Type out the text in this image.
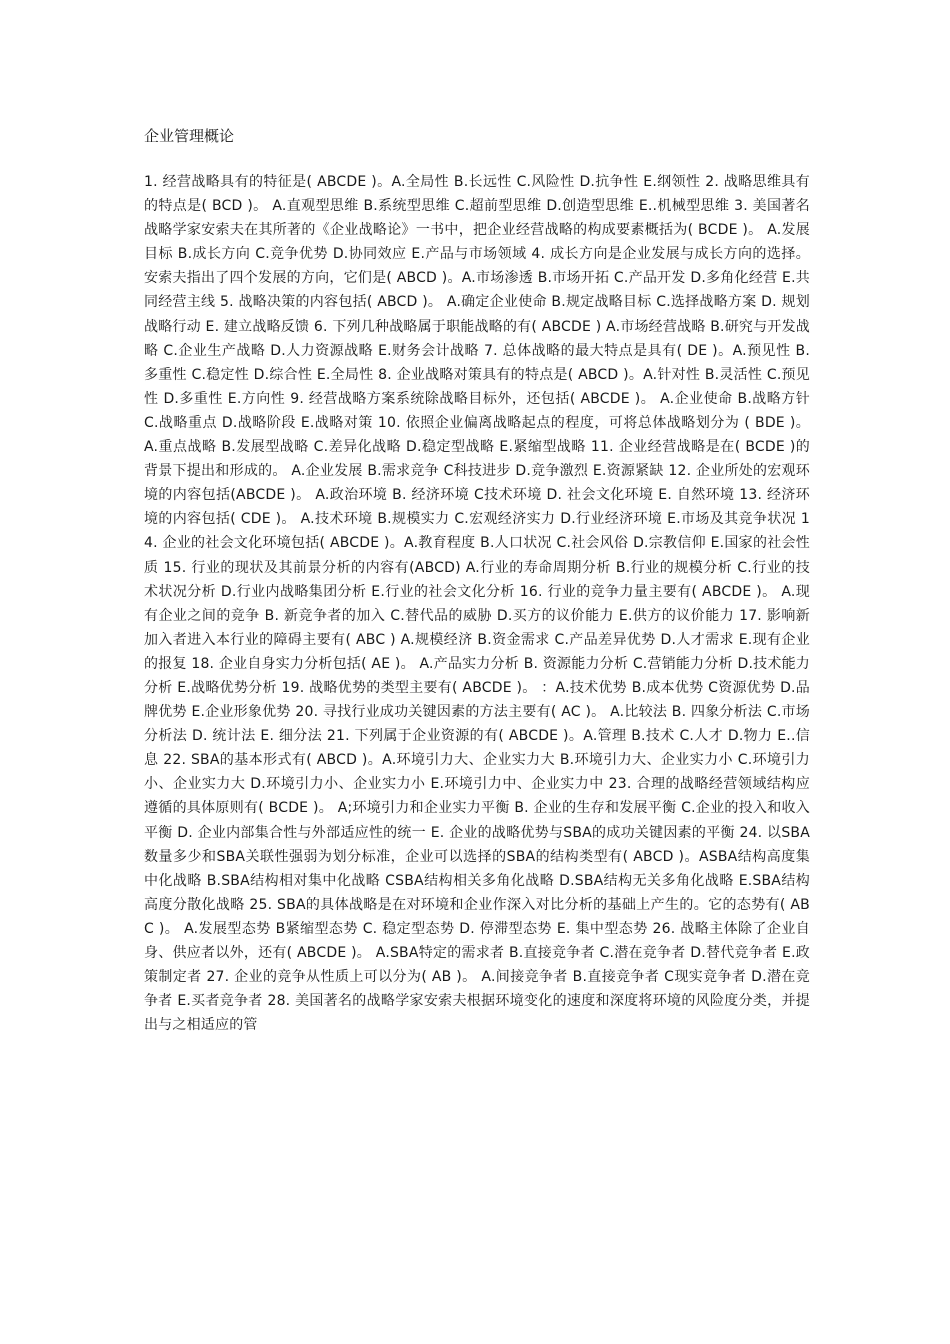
企业管理概论
1. 经营战略具有的特征是( ABCDE )。A.全局性 B.长远性 C.风险性 D.抗争性 E.纲领性 2. 战略思维具有的特点是( BCD )。 A.直观型思维 B.系统型思维 C.超前型思维 D.创造型思维 E..机械型思维 3. 美国著名战略学家安索夫在其所著的《企业战略论》一书中，把企业经营战略的构成要素概括为( BCDE )。 A.发展目标 B.成长方向 C.竞争优势 D.协同效应 E.产品与市场领域 4. 成长方向是企业发展与成长方向的选择。安索夫指出了四个发展的方向，它们是( ABCD )。A.市场渗透 B.市场开拓 C.产品开发 D.多角化经营 E.共同经营主线 5. 战略决策的内容包括( ABCD )。 A.确定企业使命 B.规定战略目标 C.选择战略方案 D. 规划战略行动 E. 建立战略反馈 6. 下列几种战略属于职能战略的有( ABCDE ) A.市场经营战略 B.研究与开发战略 C.企业生产战略 D.人力资源战略 E.财务会计战略 7. 总体战略的最大特点是具有( DE )。A.预见性 B.多重性 C.稳定性 D.综合性 E.全局性 8. 企业战略对策具有的特点是( ABCD )。A.针对性 B.灵活性 C.预见性 D.多重性 E.方向性 9. 经营战略方案系统除战略目标外，还包括( ABCDE )。 A.企业使命 B.战略方针 C.战略重点 D.战略阶段 E.战略对策 10. 依照企业偏离战略起点的程度，可将总体战略划分为 ( BDE )。 A.重点战略 B.发展型战略 C.差异化战略 D.稳定型战略 E.紧缩型战略 11. 企业经营战略是在( BCDE )的背景下提出和形成的。 A.企业发展 B.需求竞争 C科技进步 D.竞争激烈 E.资源紧缺 12. 企业所处的宏观环境的内容包括(ABCDE )。 A.政治环境 B. 经济环境 C技术环境 D. 社会文化环境 E. 自然环境 13. 经济环境的内容包括( CDE )。 A.技术环境 B.规模实力 C.宏观经济实力 D.行业经济环境 E.市场及其竞争状况 14. 企业的社会文化环境包括( ABCDE )。A.教育程度 B.人口状况 C.社会风俗 D.宗教信仰 E.国家的社会性质 15. 行业的现状及其前景分析的内容有(ABCD) A.行业的寿命周期分析 B.行业的规模分析 C.行业的技术状况分析 D.行业内战略集团分析 E.行业的社会文化分析 16. 行业的竞争力量主要有( ABCDE )。 A.现有企业之间的竞争 B. 新竞争者的加入 C.替代品的威胁 D.买方的议价能力 E.供方的议价能力 17. 影响新加入者进入本行业的障碍主要有( ABC ) A.规模经济 B.资金需求 C.产品差异优势 D.人才需求 E.现有企业的报复 18. 企业自身实力分析包括( AE )。 A.产品实力分析 B. 资源能力分析 C.营销能力分析 D.技术能力分析 E.战略优势分析 19. 战略优势的类型主要有( ABCDE )。 ：A.技术优势 B.成本优势 C资源优势 D.品牌优势 E.企业形象优势 20. 寻找行业成功关键因素的方法主要有( AC )。 A.比较法 B. 四象分析法 C.市场分析法 D. 统计法 E. 细分法 21. 下列属于企业资源的有( ABCDE )。A.管理 B.技术 C.人才 D.物力 E..信息 22. SBA的基本形式有( ABCD )。A.环境引力大、企业实力大 B.环境引力大、企业实力小 C.环境引力小、企业实力大 D.环境引力小、企业实力小 E.环境引力中、企业实力中 23. 合理的战略经营领域结构应遵循的具体原则有( BCDE )。 A;环境引力和企业实力平衡 B. 企业的生存和发展平衡 C.企业的投入和收入平衡 D. 企业内部集合性与外部适应性的统一 E. 企业的战略优势与SBA的成功关键因素的平衡 24. 以SBA数量多少和SBA关联性强弱为划分标准，企业可以选择的SBA的结构类型有( ABCD )。ASBA结构高度集中化战略 B.SBA结构相对集中化战略 CSBA结构相关多角化战略 D.SBA结构无关多角化战略 E.SBA结构高度分散化战略 25. SBA的具体战略是在对环境和企业作深入对比分析的基础上产生的。它的态势有( ABC )。 A.发展型态势 B紧缩型态势 C. 稳定型态势 D. 停滞型态势 E. 集中型态势 26. 战略主体除了企业自身、供应者以外，还有( ABCDE )。 A.SBA特定的需求者 B.直接竞争者 C.潜在竞争者 D.替代竞争者 E.政策制定者 27. 企业的竞争从性质上可以分为( AB )。 A.间接竞争者 B.直接竞争者 C现实竞争者 D.潜在竞争者 E.买者竞争者 28. 美国著名的战略学家安索夫根据环境变化的速度和深度将环境的风险度分类，并提出与之相适应的管
